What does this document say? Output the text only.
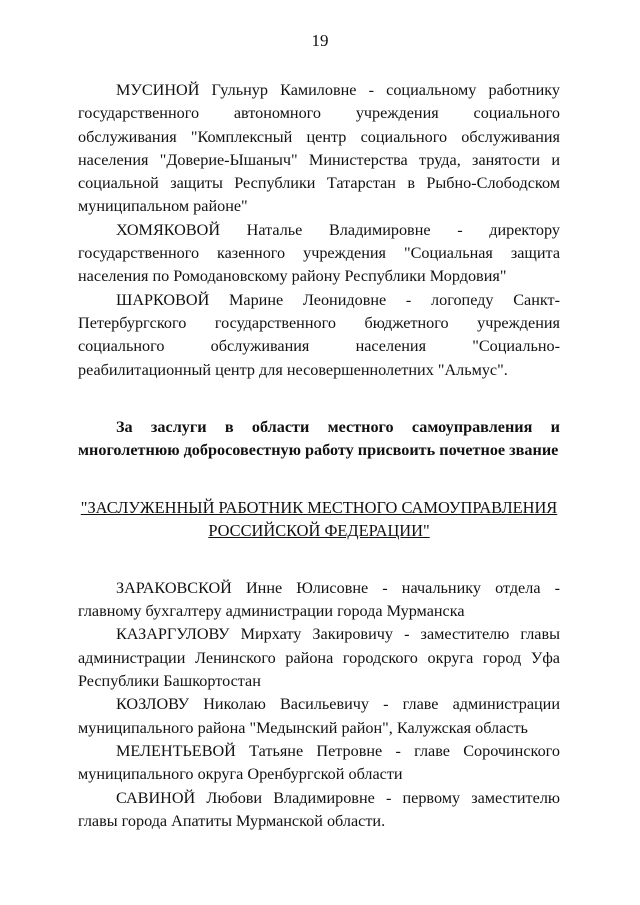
19

МУСИНОЙ Гульнур Камиловне - социальному работнику государственного автономного учреждения социального обслуживания "Комплексный центр социального обслуживания населения "Доверие-Ышаныч" Министерства труда, занятости и социальной защиты Республики Татарстан в Рыбно-Слободском муниципальном районе"

ХОМЯКОВОЙ Наталье Владимировне - директору государственного казенного учреждения "Социальная защита населения по Ромодановскому району Республики Мордовия"

ШАРКОВОЙ Марине Леонидовне - логопеду Санкт-Петербургского государственного бюджетного учреждения социального обслуживания населения "Социально-реабилитационный центр для несовершеннолетних "Альмус".

За заслуги в области местного самоуправления и многолетнюю добросовестную работу присвоить почетное звание

"ЗАСЛУЖЕННЫЙ РАБОТНИК МЕСТНОГО САМОУПРАВЛЕНИЯ
РОССИЙСКОЙ ФЕДЕРАЦИИ"

ЗАРАКОВСКОЙ Инне Юлисовне - начальнику отдела - главному бухгалтеру администрации города Мурманска

КАЗАРГУЛОВУ Мирхату Закировичу - заместителю главы администрации Ленинского района городского округа город Уфа Республики Башкортостан

КОЗЛОВУ Николаю Васильевичу - главе администрации муниципального района "Медынский район", Калужская область

МЕЛЕНТЬЕВОЙ Татьяне Петровне - главе Сорочинского муниципального округа Оренбургской области

САВИНОЙ Любови Владимировне - первому заместителю главы города Апатиты Мурманской области.
